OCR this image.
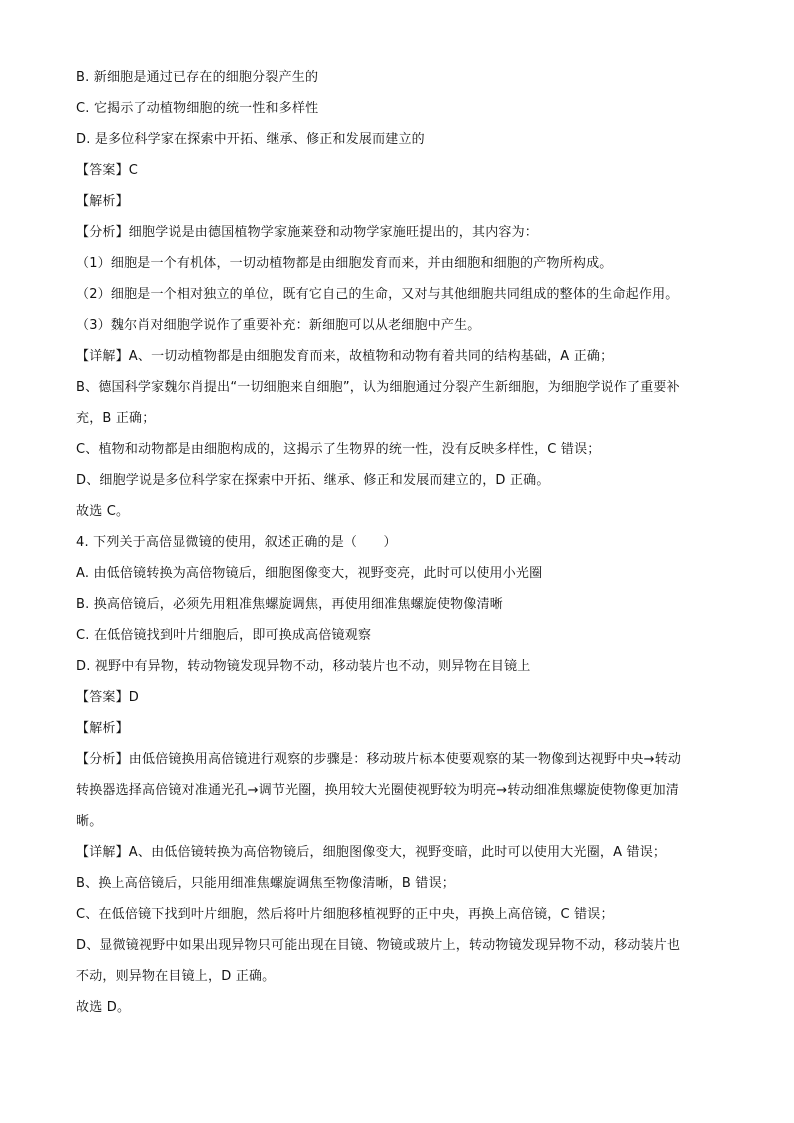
B. 新细胞是通过已存在的细胞分裂产生的
C. 它揭示了动植物细胞的统一性和多样性
D. 是多位科学家在探索中开拓、继承、修正和发展而建立的
【答案】C
【解析】
【分析】细胞学说是由德国植物学家施莱登和动物学家施旺提出的，其内容为：
（1）细胞是一个有机体，一切动植物都是由细胞发育而来，并由细胞和细胞的产物所构成。
（2）细胞是一个相对独立的单位，既有它自己的生命，又对与其他细胞共同组成的整体的生命起作用。
（3）魏尔肖对细胞学说作了重要补充：新细胞可以从老细胞中产生。
【详解】A、一切动植物都是由细胞发育而来，故植物和动物有着共同的结构基础，A 正确；
B、德国科学家魏尔肖提出“一切细胞来自细胞”，认为细胞通过分裂产生新细胞，为细胞学说作了重要补
充，B 正确；
C、植物和动物都是由细胞构成的，这揭示了生物界的统一性，没有反映多样性，C 错误；
D、细胞学说是多位科学家在探索中开拓、继承、修正和发展而建立的，D 正确。
故选 C。
4. 下列关于高倍显微镜的使用，叙述正确的是（　　）
A. 由低倍镜转换为高倍物镜后，细胞图像变大，视野变亮，此时可以使用小光圈
B. 换高倍镜后，必须先用粗准焦螺旋调焦，再使用细准焦螺旋使物像清晰
C. 在低倍镜找到叶片细胞后，即可换成高倍镜观察
D. 视野中有异物，转动物镜发现异物不动，移动装片也不动，则异物在目镜上
【答案】D
【解析】
【分析】由低倍镜换用高倍镜进行观察的步骤是：移动玻片标本使要观察的某一物像到达视野中央→转动
转换器选择高倍镜对准通光孔→调节光圈，换用较大光圈使视野较为明亮→转动细准焦螺旋使物像更加清
晰。
【详解】A、由低倍镜转换为高倍物镜后，细胞图像变大，视野变暗，此时可以使用大光圈，A 错误；
B、换上高倍镜后，只能用细准焦螺旋调焦至物像清晰，B 错误；
C、在低倍镜下找到叶片细胞，然后将叶片细胞移植视野的正中央，再换上高倍镜，C 错误；
D、显微镜视野中如果出现异物只可能出现在目镜、物镜或玻片上，转动物镜发现异物不动，移动装片也
不动，则异物在目镜上，D 正确。
故选 D。
